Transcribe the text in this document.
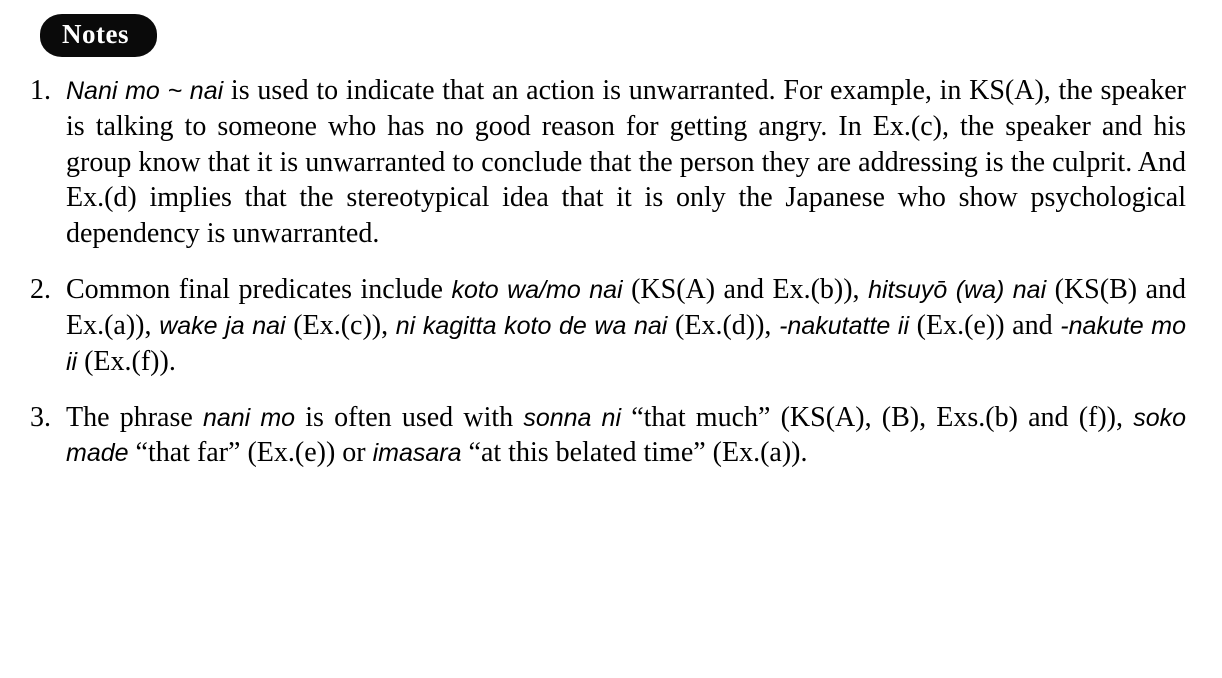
Notes
1. Nani mo ~ nai is used to indicate that an action is unwarranted. For example, in KS(A), the speaker is talking to someone who has no good reason for getting angry. In Ex.(c), the speaker and his group know that it is unwarranted to conclude that the person they are addressing is the culprit. And Ex.(d) implies that the stereotypical idea that it is only the Japanese who show psychological dependency is unwarranted.
2. Common final predicates include koto wa/mo nai (KS(A) and Ex.(b)), hitsuyō (wa) nai (KS(B) and Ex.(a)), wake ja nai (Ex.(c)), ni kagitta koto de wa nai (Ex.(d)), -nakutatte ii (Ex.(e)) and -nakute mo ii (Ex.(f)).
3. The phrase nani mo is often used with sonna ni “that much” (KS(A), (B), Exs.(b) and (f)), soko made “that far” (Ex.(e)) or imasara “at this belated time” (Ex.(a)).
